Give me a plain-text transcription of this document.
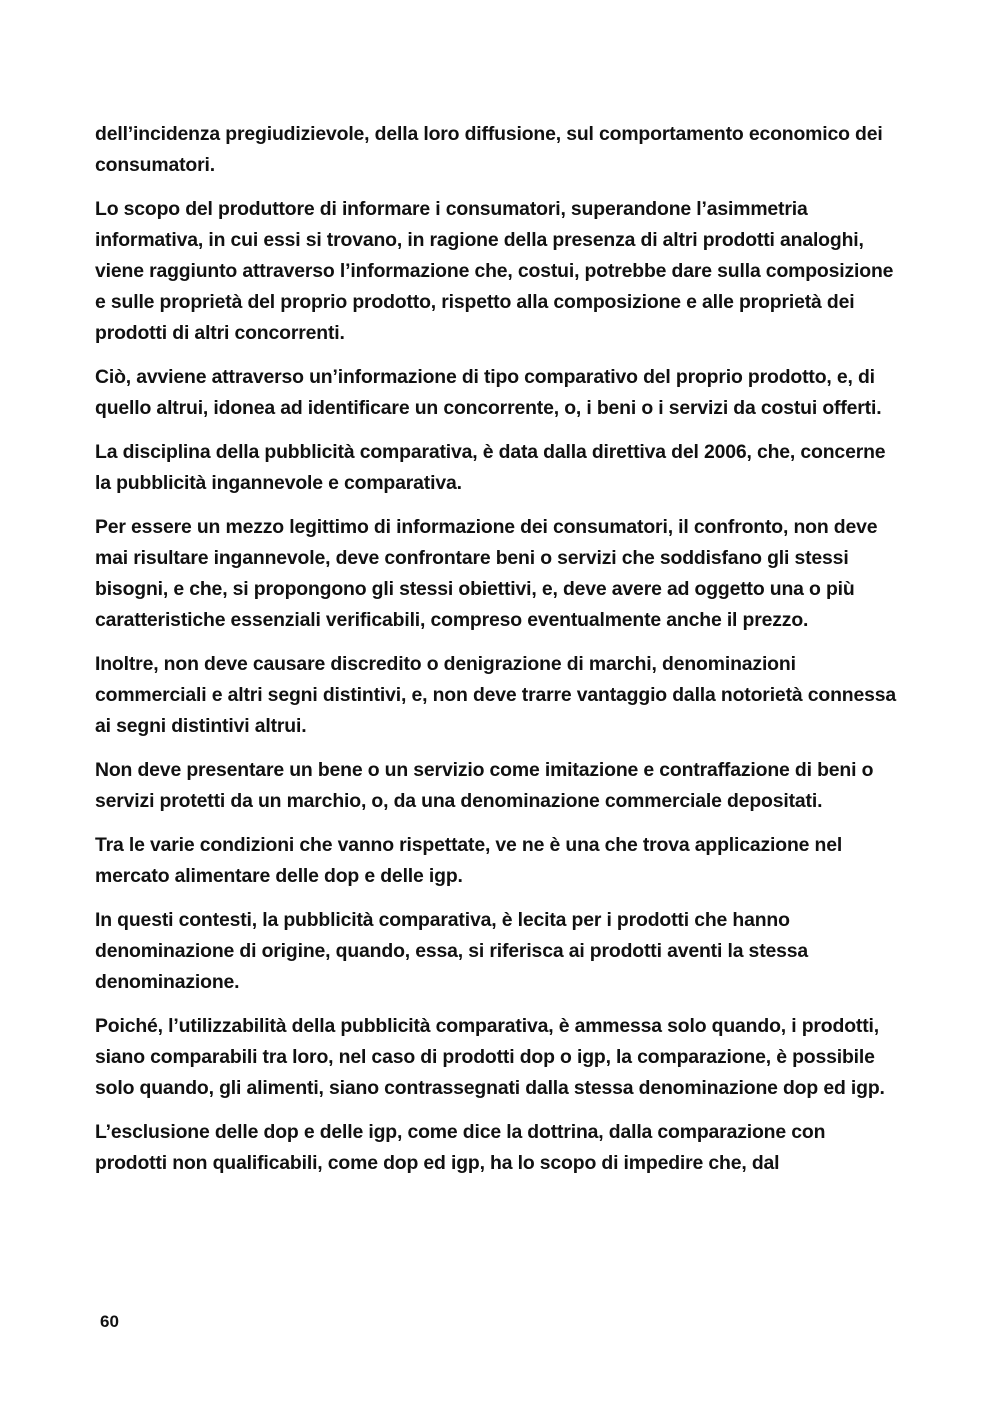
dell’incidenza pregiudizievole, della loro diffusione, sul comportamento economico dei consumatori.

Lo scopo del produttore di informare i consumatori, superandone l’asimmetria informativa, in cui essi si trovano, in ragione della presenza di altri prodotti analoghi, viene raggiunto attraverso l’informazione che, costui, potrebbe dare sulla composizione e sulle proprietà del proprio prodotto, rispetto alla composizione e alle proprietà dei prodotti di altri concorrenti.

Ciò, avviene attraverso un’informazione di tipo comparativo del proprio prodotto, e, di quello altrui, idonea ad identificare un concorrente, o, i beni o i servizi da costui offerti.

La disciplina della pubblicità comparativa, è data dalla direttiva del 2006, che, concerne la pubblicità ingannevole e comparativa.

Per essere un mezzo legittimo di informazione dei consumatori, il confronto, non deve mai risultare ingannevole, deve confrontare beni o servizi che soddisfano gli stessi bisogni, e che, si propongono gli stessi obiettivi, e, deve avere ad oggetto una o più caratteristiche essenziali verificabili, compreso eventualmente anche il prezzo.

Inoltre, non deve causare discredito o denigrazione di marchi, denominazioni commerciali e altri segni distintivi, e, non deve trarre vantaggio dalla notorietà connessa ai segni distintivi altrui.

Non deve presentare un bene o un servizio come imitazione e contraffazione di beni o servizi protetti da un marchio, o, da una denominazione commerciale depositati.

Tra le varie condizioni che vanno rispettate, ve ne è una che trova applicazione nel mercato alimentare delle dop e delle igp.

In questi contesti, la pubblicità comparativa, è lecita per i prodotti che hanno denominazione di origine, quando, essa, si riferisca ai prodotti aventi la stessa denominazione.

Poiché, l’utilizzabilità della pubblicità comparativa, è ammessa solo quando, i prodotti, siano comparabili tra loro, nel caso di prodotti dop o igp, la comparazione, è possibile solo quando, gli alimenti, siano contrassegnati dalla stessa denominazione dop ed igp.

L’esclusione delle dop e delle igp, come dice la dottrina, dalla comparazione con prodotti non qualificabili, come dop ed igp, ha lo scopo di impedire che, dal

60
